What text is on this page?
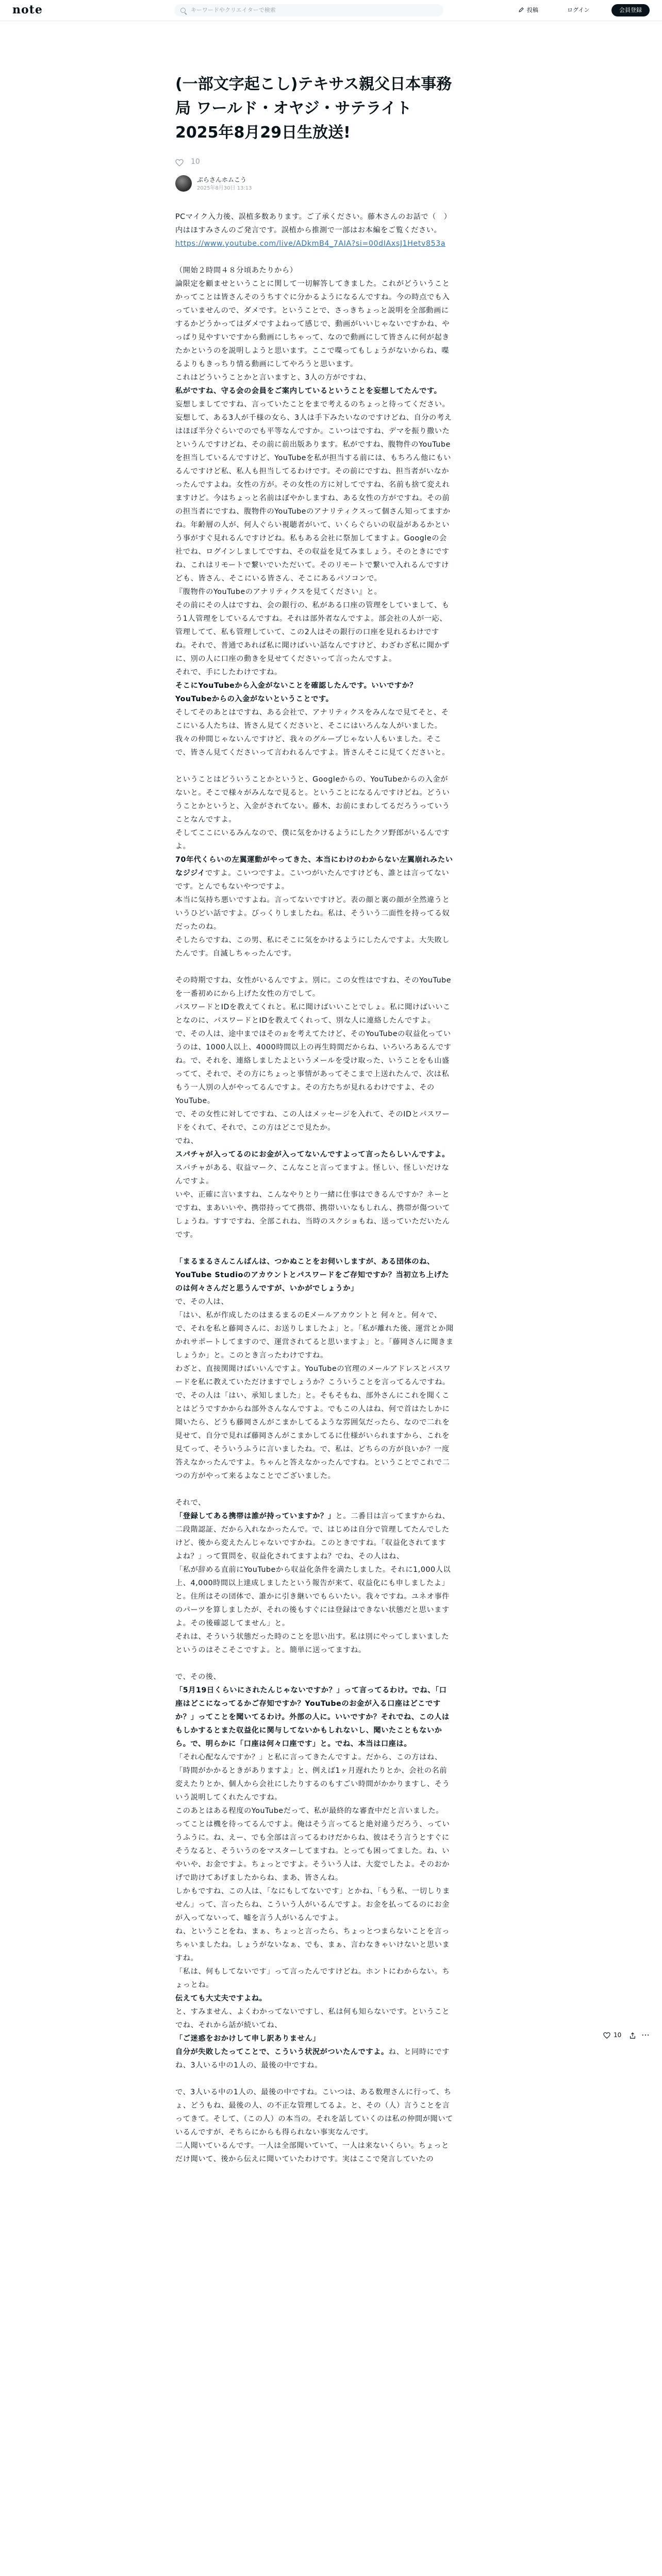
note	キーワードやクリエイターで検索	投稿	ログイン	会員登録
(一部文字起こし)テキサス親父日本事務局 ワールド・オヤジ・サテライト2025年8月29日生放送!
10
ぷらさんホムこう
2025年8月30日 13:13

PCマイク入力後、誤植多数あります。ご了承ください。藤木さんのお話で（　）内はほすみさんのご発言です。誤植から推測で一部はお本編をご覧ください。

https://www.youtube.com/live/ADkmB4_7AIA?si=00dIAxsJ1Hetv853a

（開始２時間４８分頃あたりから）

論限定を顧ませということに関して一切解答してきました。これがどういうことかってことは皆さんそのうちすぐに分かるようになるんですね。今の時点でも入っていませんので、ダメです。ということで、さっきちょっと説明を全部動画にするかどうかってはダメですよねって感じで、動画がいいじゃないですかね、やっぱり見やすいですから動画にしちゃって、なので動画にして皆さんに何が起きたかというのを説明しようと思います。ここで喋ってもしょうがないからね、喋るよりもきっちり情る動画にしてやろうと思います。

これはどういうことかと言いますと、3人の方がですね、

私がですね、守る会の会員をご案内しているということを妄想してたんです。

妄想しましてですね、言っていたことをまで考えるのちょっと待ってください。妄想して、ある3人が千様の女ら、3人は手下みたいなのですけどね、自分の考えはほぼ半分ぐらいでのでも平等なんですか。こいつはですね、デマを振り撒いたというんですけどね、その前に前出版あります。私がですね、腹物件のYouTubeを担当しているんですけど、YouTubeを私が担当する前には、もちろん他にもいるんですけど私、私人も担当してるわけです。その前にですね、担当者がいなかったんですよね。女性の方が。その女性の方に対してですね、名前も捨て変えれますけど。今はちょっと名前はぼやかしますね、ある女性の方がですね。その前の担当者にですね、腹物件のYouTubeのアナリティクスって個さん知ってますかね。年齢層の人が、何人ぐらい視聴者がいて、いくらぐらいの収益があるかという事がすぐ見れるんですけどね。私もある会社に祭加してますよ。Googleの会社でね、ログインしましてですね、その収益を見てみましょう。そのときにですね、これはリモートで繋いでいただいて。そのリモートで繋いで入れるんですけども、皆さん、そこにいる皆さん、そこにあるパソコンで。

『腹物件のYouTubeのアナリティクスを見てください』と。

その前にその人はですね、会の銀行の、私がある口座の管理をしていまして、もう1人管理をしているんですね。それは部外者なんですよ。部会社の人が一応、管理してて、私も管理していて、この2人はその銀行の口座を見れるわけですね。それで、普通であれば私に聞けばいい話なんですけど、わざわざ私に聞かずに、別の人に口座の動きを見せてくださいって言ったんですよ。

それで、手にしたわけですね。

そこにYouTubeから入金がないことを確認したんです。いいですか？YouTubeからの入金がないということです。

そしてそのあとはですね、ある会社で、アナリティクスをみんなで見てそと、そこにいる人たちは、皆さん見てくださいと、そこにはいろんな人がいました。我々の仲間じゃないんですけど、我々のグループじゃない人もいました。そこで、皆さん見てくださいって言われるんですよ。皆さんそこに見てくださいと。

ということはどういうことかというと、Googleからの、YouTubeからの入金がないと。そこで様々がみんなで見ると。ということになるんですけどね。どういうことかというと、入金がされてない。藤木、お前にまわしてるだろうっていうことなんですよ。

そしてここにいるみんなので、僕に気をかけるようにしたクソ野郎がいるんですよ。

70年代くらいの左翼運動がやってきた、本当にわけのわからない左翼崩れみたいなジジイですよ。こいつですよ。こいつがいたんですけども、誰とは言ってないです。とんでもないやつですよ。

本当に気持ち悪いですよね。言ってないですけど。表の顔と裏の顔が全然違うというひどい話ですよ。びっくりしましたね。私は、そういう二面性を持ってる奴だったのね。

そしたらですね、この男、私にそこに気をかけるようにしたんですよ。大失敗したんです。自滅しちゃったんです。

その時期ですね、女性がいるんですよ。別に。この女性はですね、そのYouTubeを一番初めにから上げた女性の方でして。

パスワードとIDを教えてくれと。私に聞けばいいことでしょ。私に聞けばいいことなのに、パスワードとIDを教えてくれって、別な人に連絡したんですよ。

で、その人は、途中までほそのぉを考えてたけど、そのYouTubeの収益化っていうのは、1000人以上、4000時間以上の再生時間だからね、いろいろあるんですね。で、それを、連絡しましたよというメールを受け取った、いうことをも山盛ってて、それで、その方にちょっと事情があってそこまで上送れたんで、次は私もう一人別の人がやってるんですよ。その方たちが見れるわけですよ、そのYouTube。

で、その女性に対してですね、この人はメッセージを入れて、そのIDとパスワードをくれて、それで、この方はどこで見たか。

でね、

スパチャが入ってるのにお金が入ってないんですよって言ったらしいんですよ。

スパチャがある、収益マーク、こんなこと言ってますよ。怪しい、怪しいだけなんですよ。

いや、正確に言いますね、こんなやりとり一緒に仕事はできるんですか？ネーとですね、まあいいや、携帯持ってて携帯、携帯いいなもしれん、携帯が傷ついてしょうね。すすですね、全部これね、当時のスクショもね、送っていただいたんです。

「まるまるさんこんばんは、つかぬことをお伺いしますが、ある団体のね、YouTube Studioのアカウントとパスワードをご存知ですか？当初立ち上げたのは何々さんだと思うんですが、いかがでしょうか」

で、その人は、

「はい、私が作成したのはまるまるのEメールアカウントと 何々と。何々で、で、それを私と藤岡さんに、お送りしましたよ」と。「私が離れた後、運営とか聞かれサポートしてますので、運営されてると思いますよ」と。「藤岡さんに聞きましょうか」と。このとき言ったわけですね。

わざと、直接関聞けばいいんですよ。YouTubeの官理のメールアドレスとパスワードを私に教えていただけますでしょうか？こういうことを言ってるんですね。

で、その人は「はい、承知しました」と。そもそもね、部外さんにこれを聞くことはどうですかからね部外さんなんですよ。でもこの人はね、何で首はたしかに聞いたら、どうも藤岡さんがこまかしてるような雰囲気だったら、なので二れを見せて、自分で見れば藤岡さんがこまかしてるに仕様がいられますから、これを見てって、そういうふうに言いましたね。で、私は、どちらの方が良いか？一度答えなかったんですよ。ちゃんと答えなかったんですね。ということでこれで二つの方がやって来るよなことでございました。

それで、

「登録してある携帯は誰が持っていますか？」と。二番目は言ってますからね、二段階認証、だから入れなかったんで。で、はじめは自分で管理してたんでしたけど、後から変えたんじゃないですかね。このときですね。「収益化されてますよね？」って質問を、収益化されてますよね？でね、その人はね、

「私が辞める直前にYouTubeから収益化条件を満たしました。それに1,000人以上、4,000時間以上達成しましたという報告が来て、収益化にも申しましたよ」と。住所はその団体で、誰かに引き継いでもらいたい。我々ですね。ユネオ事件のパーツを算しましたが、それの後もすぐには登録はできない状態だと思いますよ。その後確認してません」と。

それは、そういう状態だった時のことを思い出す。私は別にやってしまいましたというのはそこそこですよ。と。簡単に送ってますね。

で、その後、

「5月19日くらいにされたんじゃないですか？」って言ってるわけ。でね、「口座はどこになってるかご存知ですか？YouTubeのお金が入る口座はどこですか？」ってことを聞いてるわけ。外部の人に。いいですか？それでね、この人はもしかするとまた収益化に関与してないかもしれないし、聞いたこともないから。で、明らかに「口座は何々口座です」と。でね、本当は口座は。

「それ心配なんですか？」と私に言ってきたんですよ。だから、この方はね、「時間がかかるときがありますよ」と、例えば1ヶ月遅れたりとか、会社の名前変えたりとか、個人から会社にしたりするのもすごい時間がかかりますし、そういう説明してくれたんですね。

このあとはある程度のYouTubeだって、私が最終的な審査中だと言いました。

ってことは機を待ってるんですよ。俺はそう言ってると絶対違うだろう、っていうふうに。ね、えー、でも全部は言ってるわけだからね、彼はそう言うとすぐにそうなると、そういうのをマスターしてますね。とっても困ってました。ね、いやいや、お金ですよ。ちょっとですよ。そういう人は、大変でしたよ。そのおかげで助けてあげましたからね、まあ、皆さんね。

しかもですね、この人は、「なにもしてないです」とかね、「もう私、一切しりません」って、言ったらね、こういう人がいるんですよ。お金を払ってるのにお金が入ってないって、嘘を言う人がいるんですよ。

ね、ということをね、まぁ、ちょっと言ったら、ちょっとつまらないことを言っちゃいましたね。しょうがないなぁ、でも、まぁ、言わなきゃいけないと思いますね。

「私は、何もしてないです」って言ったんですけどね。ホントにわからない。ちょっとね。

伝えても大丈夫ですよね。

と、すみません、よくわかってないですし、私は何も知らないです。ということでね、それから話が続いてね、

「ご迷惑をおかけして申し訳ありません」

自分が失敗したってことで、こういう状況がついたんですよ。ね、と同時にですね、3人いる中の1人の、最後の中ですね。

で、3人いる中の1人の、最後の中ですね。こいつは、ある数理さんに行って、ちょ、どうもね、最後の人、の不正な管理してるよ。と、その（人）言うことを言ってきて。そして、（この人）の本当の。それを話していくのは私の仲間が聞いているんですが、そちらにからも得られない事実なんです。

二人聞いているんです。一人は全部聞いていて、一人は来ないくらい。ちょっとだけ聞いて、後から伝えに聞いていたわけです。実はここで発言していたの

10 ⋯
